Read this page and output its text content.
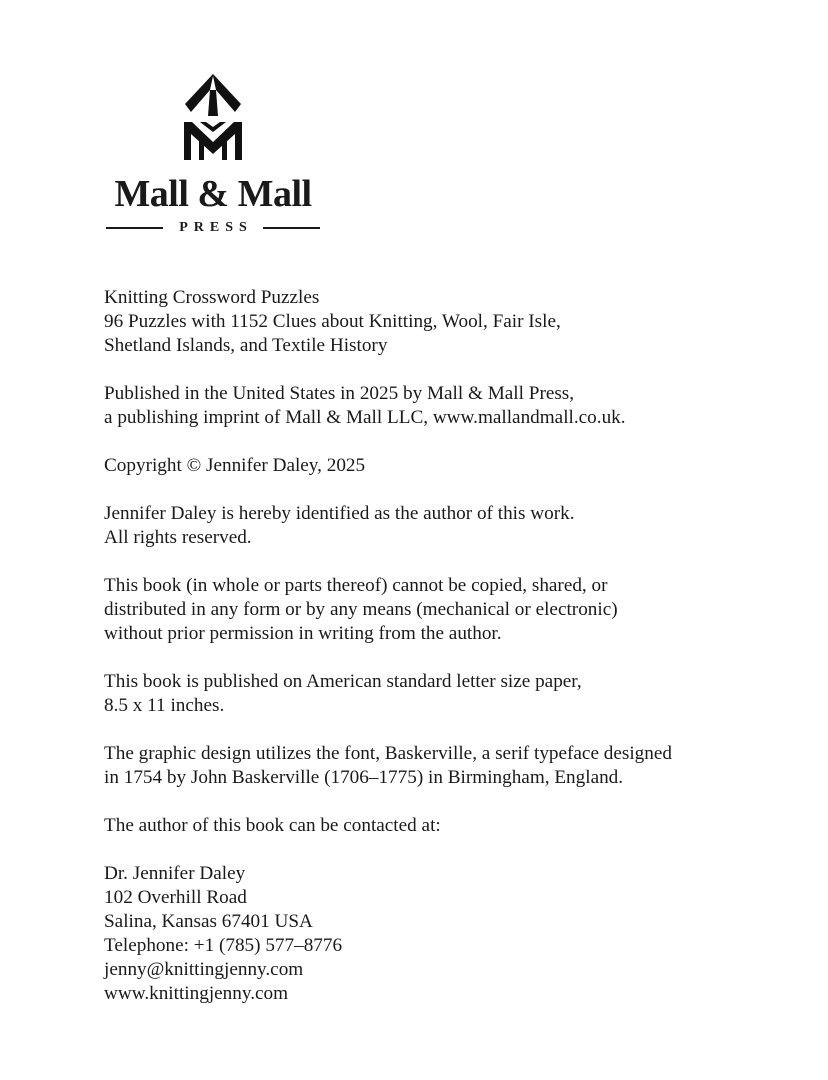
Mall & Mall
PRESS

Knitting Crossword Puzzles
96 Puzzles with 1152 Clues about Knitting, Wool, Fair Isle,
Shetland Islands, and Textile History

Published in the United States in 2025 by Mall & Mall Press,
a publishing imprint of Mall & Mall LLC, www.mallandmall.co.uk.

Copyright © Jennifer Daley, 2025

Jennifer Daley is hereby identified as the author of this work.
All rights reserved.

This book (in whole or parts thereof) cannot be copied, shared, or
distributed in any form or by any means (mechanical or electronic)
without prior permission in writing from the author.

This book is published on American standard letter size paper,
8.5 x 11 inches.

The graphic design utilizes the font, Baskerville, a serif typeface designed
in 1754 by John Baskerville (1706–1775) in Birmingham, England.

The author of this book can be contacted at:

Dr. Jennifer Daley
102 Overhill Road
Salina, Kansas 67401 USA
Telephone: +1 (785) 577–8776
jenny@knittingjenny.com
www.knittingjenny.com
